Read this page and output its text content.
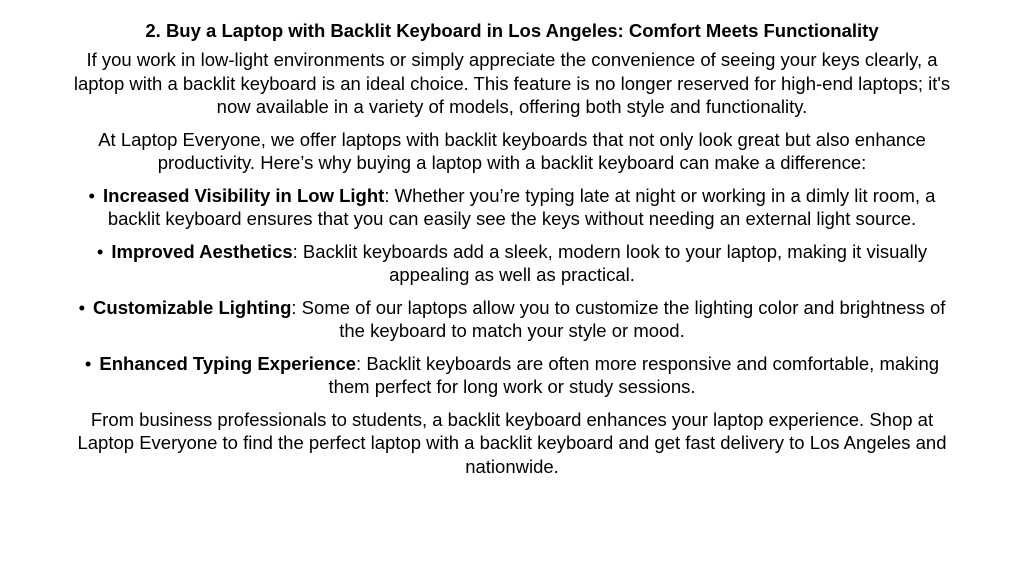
2. Buy a Laptop with Backlit Keyboard in Los Angeles: Comfort Meets Functionality

If you work in low-light environments or simply appreciate the convenience of seeing your keys clearly, a laptop with a backlit keyboard is an ideal choice. This feature is no longer reserved for high-end laptops; it's now available in a variety of models, offering both style and functionality.

At Laptop Everyone, we offer laptops with backlit keyboards that not only look great but also enhance productivity. Here’s why buying a laptop with a backlit keyboard can make a difference:

• Increased Visibility in Low Light: Whether you’re typing late at night or working in a dimly lit room, a backlit keyboard ensures that you can easily see the keys without needing an external light source.
• Improved Aesthetics: Backlit keyboards add a sleek, modern look to your laptop, making it visually appealing as well as practical.
• Customizable Lighting: Some of our laptops allow you to customize the lighting color and brightness of the keyboard to match your style or mood.
• Enhanced Typing Experience: Backlit keyboards are often more responsive and comfortable, making them perfect for long work or study sessions.

From business professionals to students, a backlit keyboard enhances your laptop experience. Shop at Laptop Everyone to find the perfect laptop with a backlit keyboard and get fast delivery to Los Angeles and nationwide.
